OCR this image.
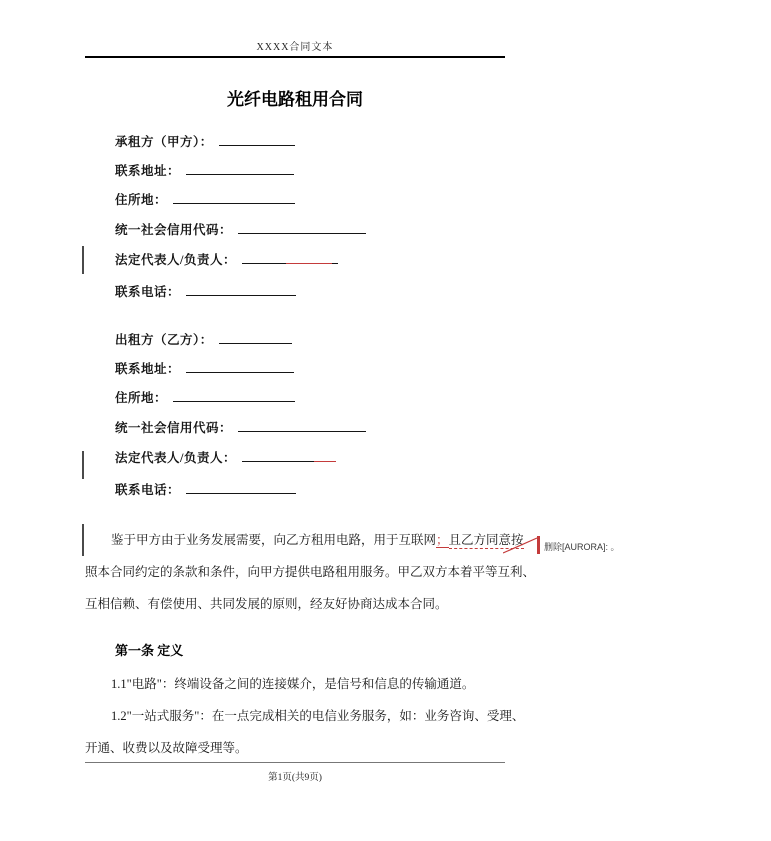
XXXX合同文本
光纤电路租用合同
承租方（甲方）：
联系地址：
住所地：
统一社会信用代码：
法定代表人/负责人：
联系电话：
出租方（乙方）：
联系地址：
住所地：
统一社会信用代码：
法定代表人/负责人：
联系电话：
鉴于甲方由于业务发展需要，向乙方租用电路，用于互联网；且乙方同意按
照本合同约定的条款和条件，向甲方提供电路租用服务。甲乙双方本着平等互利、
互相信赖、有偿使用、共同发展的原则，经友好协商达成本合同。
删除[AURORA]: 。
第一条 定义
1.1"电路"：终端设备之间的连接媒介，是信号和信息的传输通道。
1.2"一站式服务"：在一点完成相关的电信业务服务，如：业务咨询、受理、
开通、收费以及故障受理等。
第1页(共9页)
